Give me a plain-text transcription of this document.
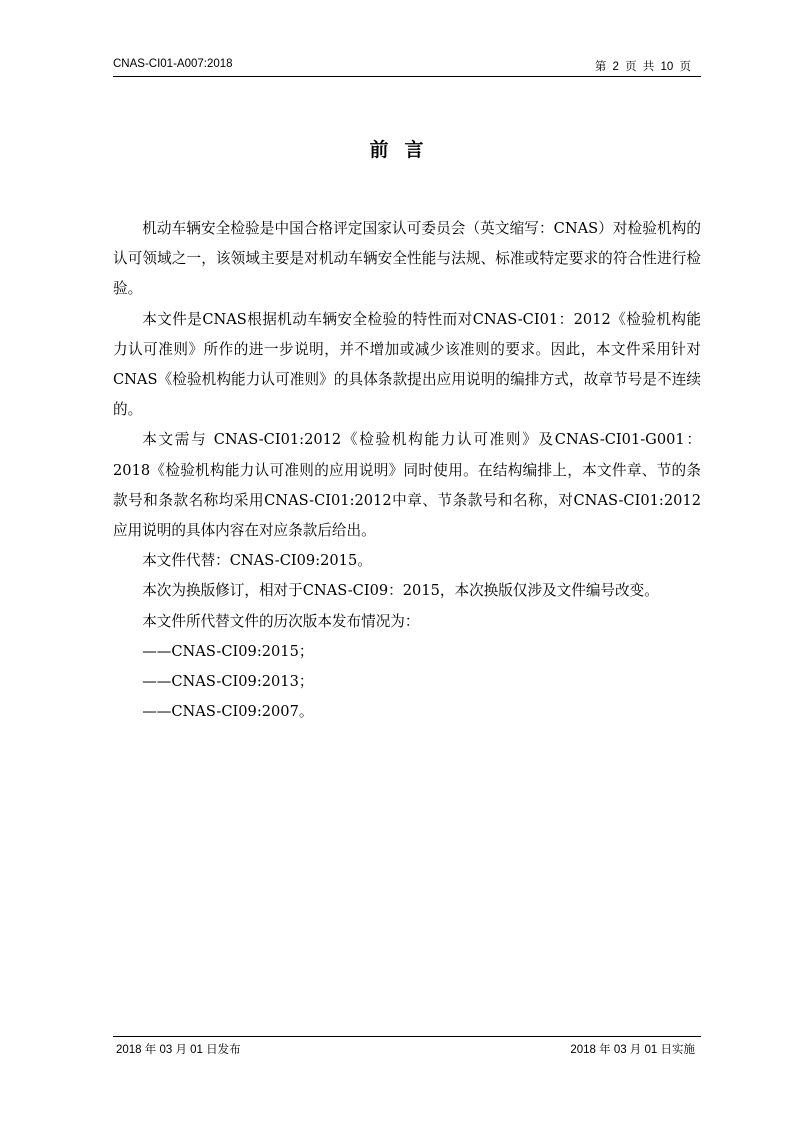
CNAS-CI01-A007:2018	第 2 页 共 10 页
前言

机动车辆安全检验是中国合格评定国家认可委员会（英文缩写：CNAS）对检验机构的认可领域之一，该领域主要是对机动车辆安全性能与法规、标准或特定要求的符合性进行检验。

本文件是CNAS根据机动车辆安全检验的特性而对CNAS-CI01：2012《检验机构能力认可准则》所作的进一步说明，并不增加或减少该准则的要求。因此，本文件采用针对CNAS《检验机构能力认可准则》的具体条款提出应用说明的编排方式，故章节号是不连续的。

本文需与 CNAS-CI01:2012《检验机构能力认可准则》及CNAS-CI01-G001：2018《检验机构能力认可准则的应用说明》同时使用。在结构编排上，本文件章、节的条款号和条款名称均采用CNAS-CI01:2012中章、节条款号和名称，对CNAS-CI01:2012应用说明的具体内容在对应条款后给出。

本文件代替：CNAS-CI09:2015。

本次为换版修订，相对于CNAS-CI09：2015，本次换版仅涉及文件编号改变。

本文件所代替文件的历次版本发布情况为：

——CNAS-CI09:2015；

——CNAS-CI09:2013；

——CNAS-CI09:2007。

2018 年 03 月 01 日发布	2018 年 03 月 01 日实施
